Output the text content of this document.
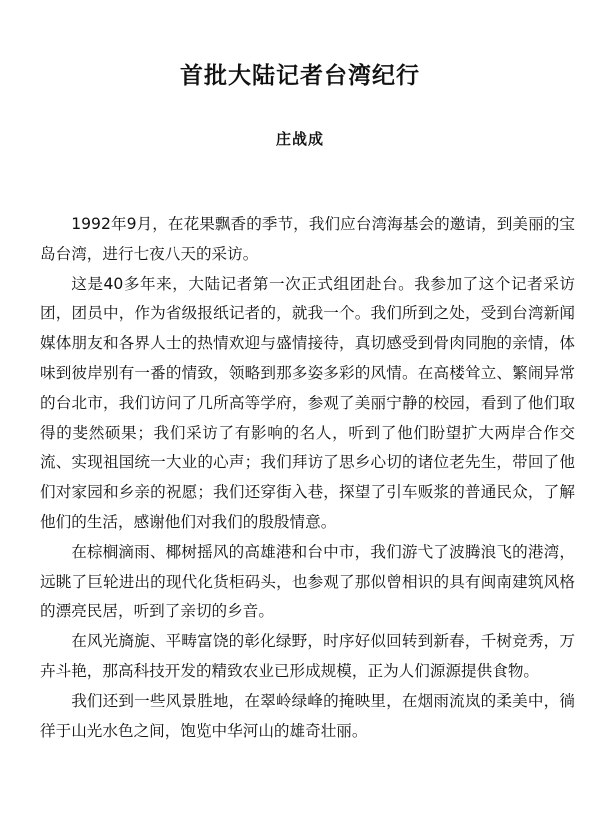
首批大陆记者台湾纪行
庄战成

1992年9月，在花果飘香的季节，我们应台湾海基会的邀请，到美丽的宝岛台湾，进行七夜八天的采访。

这是40多年来，大陆记者第一次正式组团赴台。我参加了这个记者采访团，团员中，作为省级报纸记者的，就我一个。我们所到之处，受到台湾新闻媒体朋友和各界人士的热情欢迎与盛情接待，真切感受到骨肉同胞的亲情，体味到彼岸别有一番的情致，领略到那多姿多彩的风情。在高楼耸立、繁闹异常的台北市，我们访问了几所高等学府，参观了美丽宁静的校园，看到了他们取得的斐然硕果；我们采访了有影响的名人，听到了他们盼望扩大两岸合作交流、实现祖国统一大业的心声；我们拜访了思乡心切的诸位老先生，带回了他们对家园和乡亲的祝愿；我们还穿街入巷，探望了引车贩浆的普通民众，了解他们的生活，感谢他们对我们的殷殷情意。

在棕榈滴雨、椰树摇风的高雄港和台中市，我们游弋了波腾浪飞的港湾，远眺了巨轮进出的现代化货柜码头，也参观了那似曾相识的具有闽南建筑风格的漂亮民居，听到了亲切的乡音。

在风光旖旎、平畴富饶的彰化绿野，时序好似回转到新春，千树竞秀，万卉斗艳，那高科技开发的精致农业已形成规模，正为人们源源提供食物。

我们还到一些风景胜地，在翠岭绿峰的掩映里，在烟雨流岚的柔美中，徜徉于山光水色之间，饱览中华河山的雄奇壮丽。
